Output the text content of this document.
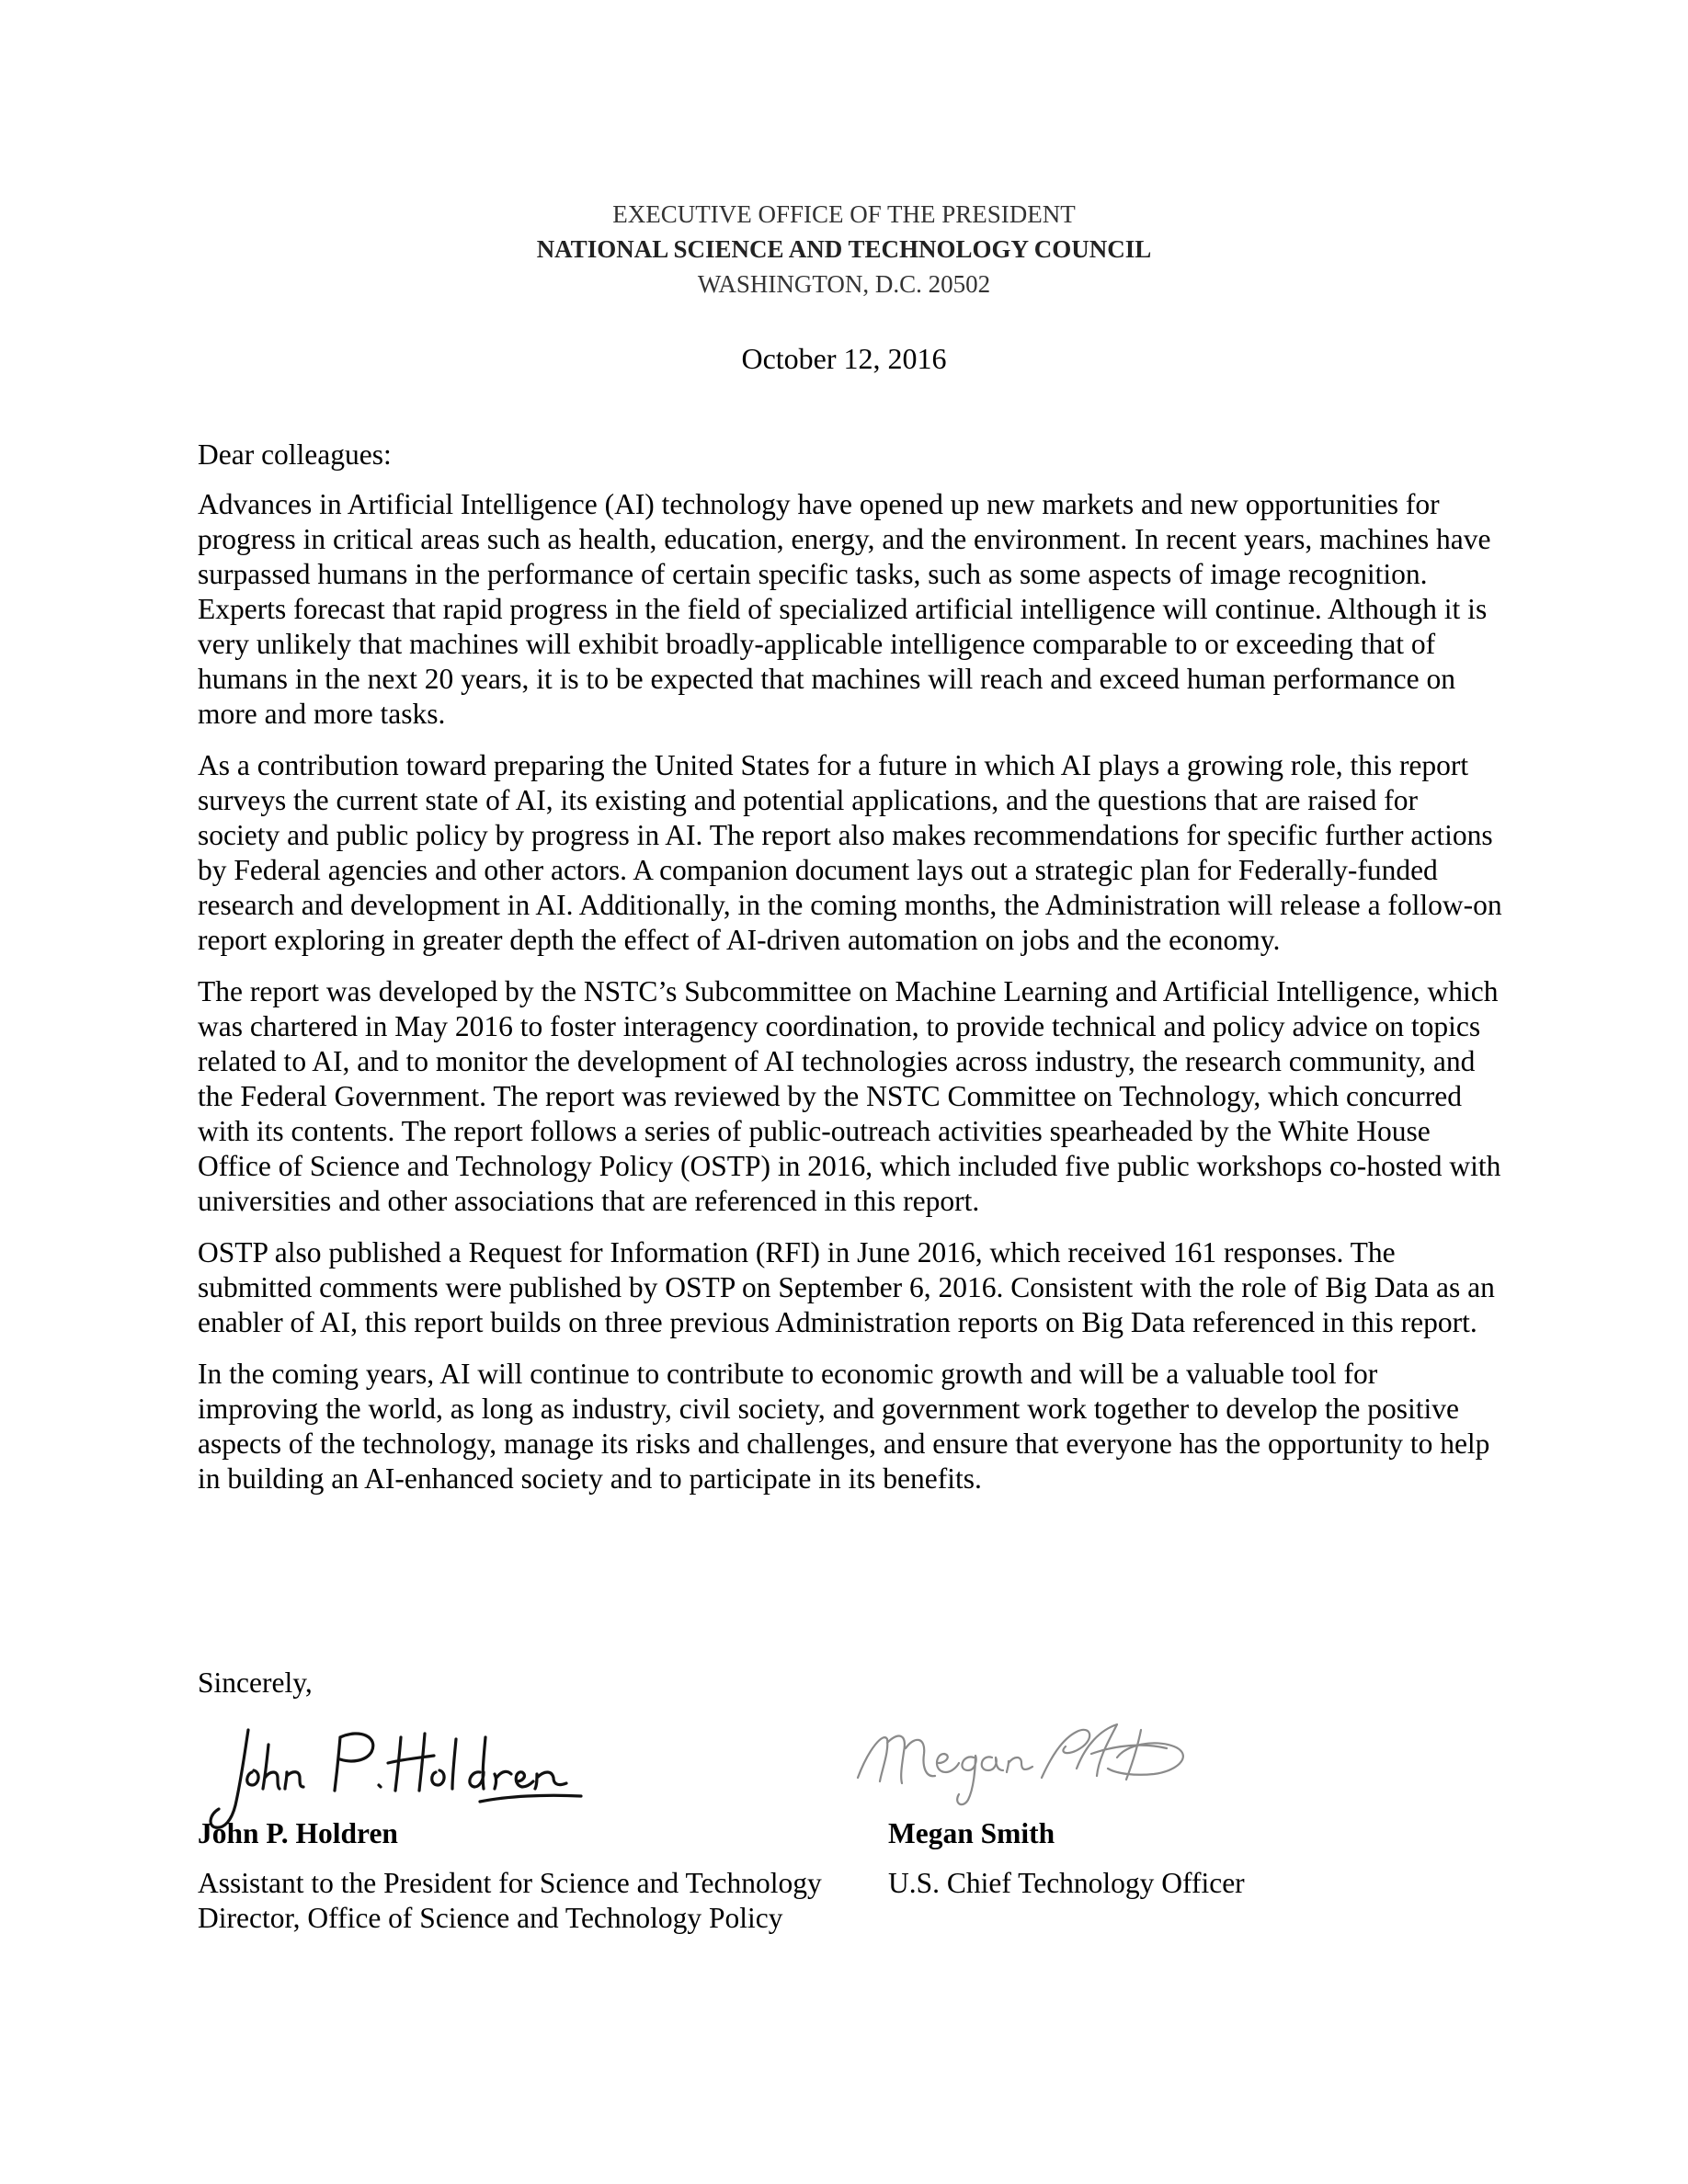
EXECUTIVE OFFICE OF THE PRESIDENT
NATIONAL SCIENCE AND TECHNOLOGY COUNCIL
WASHINGTON, D.C. 20502
October 12, 2016

Dear colleagues:

Advances in Artificial Intelligence (AI) technology have opened up new markets and new opportunities for progress in critical areas such as health, education, energy, and the environment. In recent years, machines have surpassed humans in the performance of certain specific tasks, such as some aspects of image recognition. Experts forecast that rapid progress in the field of specialized artificial intelligence will continue. Although it is very unlikely that machines will exhibit broadly-applicable intelligence comparable to or exceeding that of humans in the next 20 years, it is to be expected that machines will reach and exceed human performance on more and more tasks.

As a contribution toward preparing the United States for a future in which AI plays a growing role, this report surveys the current state of AI, its existing and potential applications, and the questions that are raised for society and public policy by progress in AI. The report also makes recommendations for specific further actions by Federal agencies and other actors. A companion document lays out a strategic plan for Federally-funded research and development in AI. Additionally, in the coming months, the Administration will release a follow-on report exploring in greater depth the effect of AI-driven automation on jobs and the economy.

The report was developed by the NSTC’s Subcommittee on Machine Learning and Artificial Intelligence, which was chartered in May 2016 to foster interagency coordination, to provide technical and policy advice on topics related to AI, and to monitor the development of AI technologies across industry, the research community, and the Federal Government. The report was reviewed by the NSTC Committee on Technology, which concurred with its contents. The report follows a series of public-outreach activities spearheaded by the White House Office of Science and Technology Policy (OSTP) in 2016, which included five public workshops co-hosted with universities and other associations that are referenced in this report.

OSTP also published a Request for Information (RFI) in June 2016, which received 161 responses. The submitted comments were published by OSTP on September 6, 2016. Consistent with the role of Big Data as an enabler of AI, this report builds on three previous Administration reports on Big Data referenced in this report.

In the coming years, AI will continue to contribute to economic growth and will be a valuable tool for improving the world, as long as industry, civil society, and government work together to develop the positive aspects of the technology, manage its risks and challenges, and ensure that everyone has the opportunity to help in building an AI-enhanced society and to participate in its benefits.

Sincerely,
John P. Holdren
Assistant to the President for Science and Technology
Director, Office of Science and Technology Policy
Megan Smith
U.S. Chief Technology Officer
